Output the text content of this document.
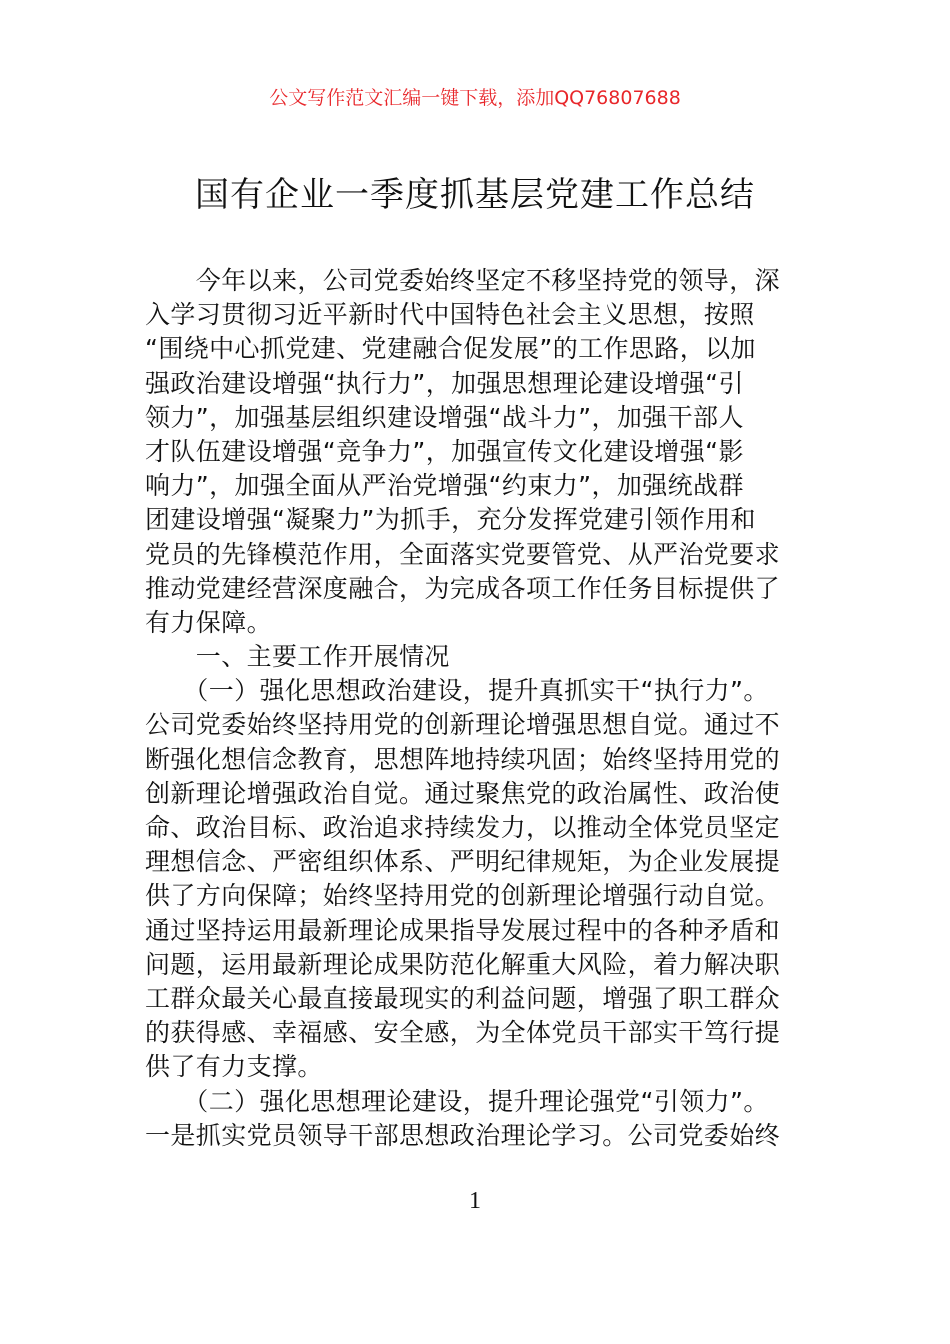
公文写作范文汇编一键下载，添加QQ76807688
国有企业一季度抓基层党建工作总结
　　今年以来，公司党委始终坚定不移坚持党的领导，深
入学习贯彻习近平新时代中国特色社会主义思想，按照
“围绕中心抓党建、党建融合促发展”的工作思路，以加
强政治建设增强“执行力”，加强思想理论建设增强“引
领力”，加强基层组织建设增强“战斗力”，加强干部人
才队伍建设增强“竞争力”，加强宣传文化建设增强“影
响力”，加强全面从严治党增强“约束力”，加强统战群
团建设增强“凝聚力”为抓手，充分发挥党建引领作用和
党员的先锋模范作用，全面落实党要管党、从严治党要求
推动党建经营深度融合，为完成各项工作任务目标提供了
有力保障。
　　一、主要工作开展情况
　　（一）强化思想政治建设，提升真抓实干“执行力”。
公司党委始终坚持用党的创新理论增强思想自觉。通过不
断强化想信念教育，思想阵地持续巩固；始终坚持用党的
创新理论增强政治自觉。通过聚焦党的政治属性、政治使
命、政治目标、政治追求持续发力，以推动全体党员坚定
理想信念、严密组织体系、严明纪律规矩，为企业发展提
供了方向保障；始终坚持用党的创新理论增强行动自觉。
通过坚持运用最新理论成果指导发展过程中的各种矛盾和
问题，运用最新理论成果防范化解重大风险，着力解决职
工群众最关心最直接最现实的利益问题，增强了职工群众
的获得感、幸福感、安全感，为全体党员干部实干笃行提
供了有力支撑。
　　（二）强化思想理论建设，提升理论强党“引领力”。
一是抓实党员领导干部思想政治理论学习。公司党委始终
1
